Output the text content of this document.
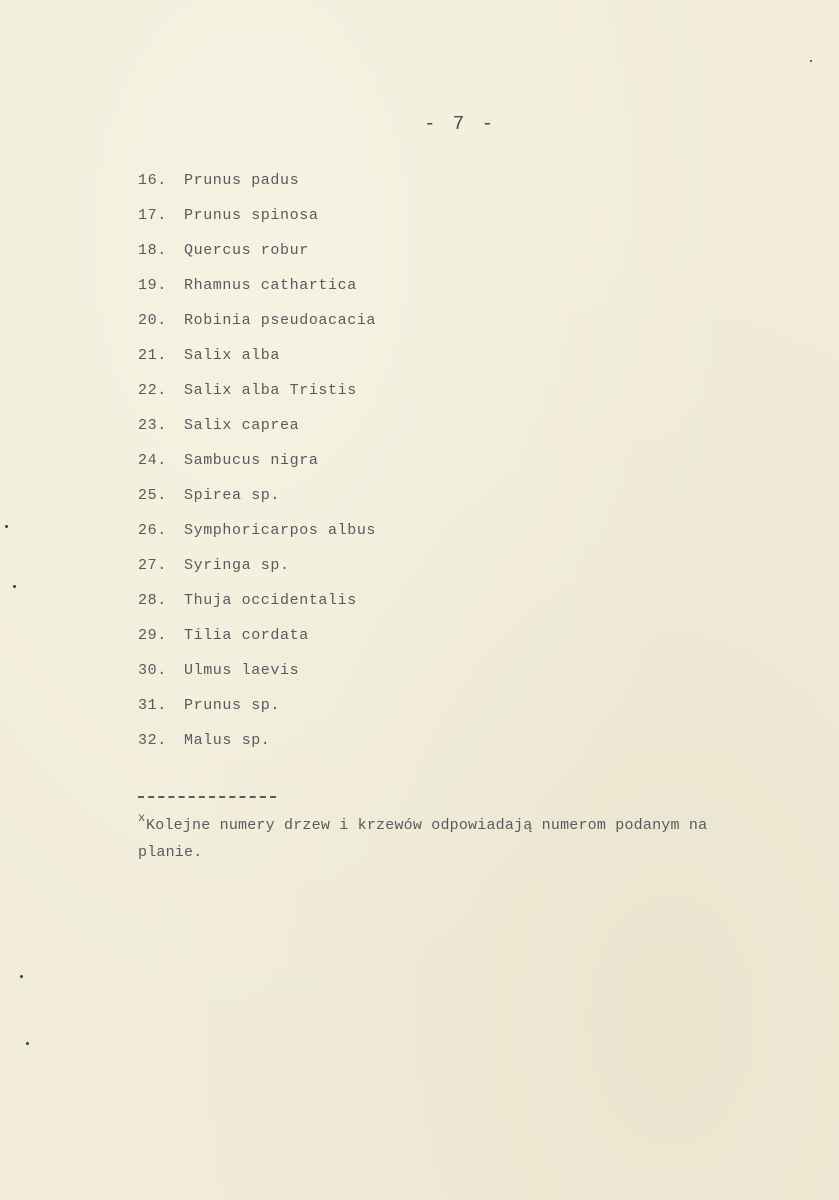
- 7 -
16. Prunus padus
17. Prunus spinosa
18. Quercus robur
19. Rhamnus cathartica
20. Robinia pseudoacacia
21. Salix alba
22. Salix alba Tristis
23. Salix caprea
24. Sambucus nigra
25. Spirea sp.
26. Symphoricarpos albus
27. Syringa sp.
28. Thuja occidentalis
29. Tilia cordata
30. Ulmus laevis
31. Prunus sp.
32. Malus sp.
x Kolejne numery drzew i krzewów odpowiadają numerom podanym na
planie.
